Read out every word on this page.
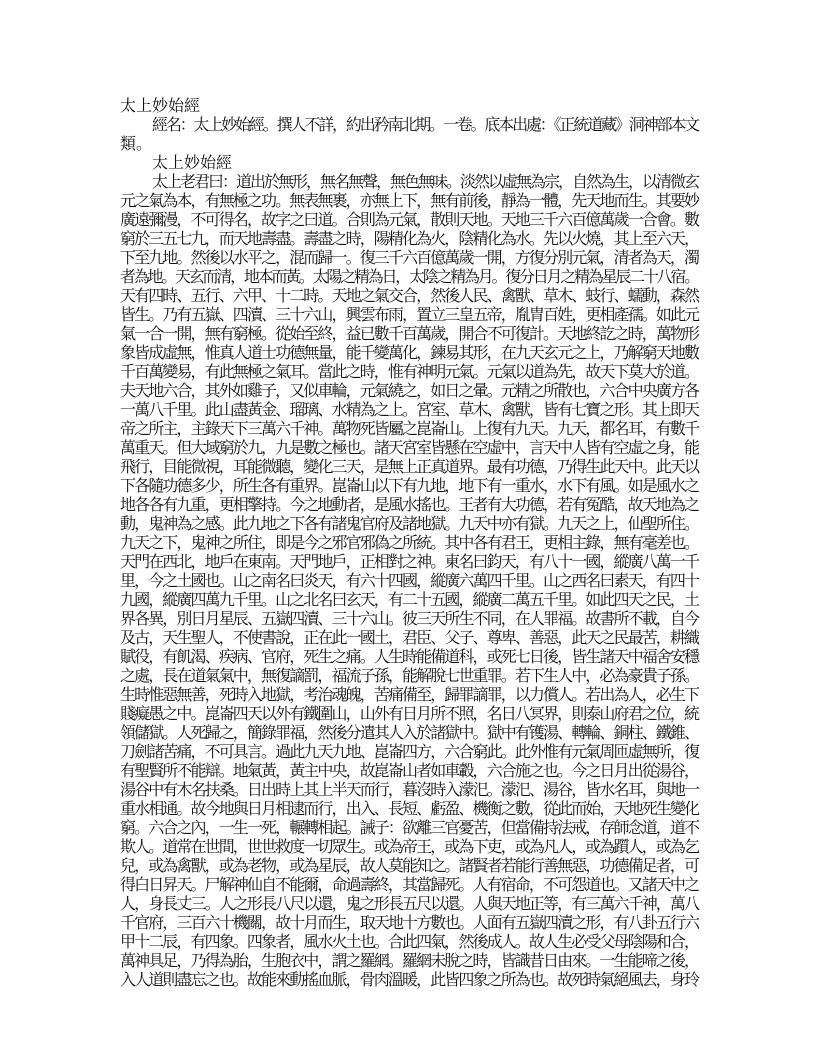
太上妙始經
經名：太上妙始經。撰人不詳，約出矜南北期。一卷。底本出處：《正統道藏》洞神部本文
類。
太上妙始經
太上老君曰：道出於無形，無名無聲，無色無味。淡然以虛無為宗，自然為生，以清微玄
元之氣為本，有無極之功。無表無裹，亦無上下，無有前後，靜為一體，先天地而生。其要妙
廣遠彌漫，不可得名，故字之曰道。合則為元氣，散則天地。天地三千六百億萬歲一合會。數
窮於三五七九，而天地壽盡。壽盡之時，陽精化為火，陰精化為水。先以火燒，其上至六天，
下至九地。然後以水平之，混而歸一。復三千六百億萬歲一開，方復分別元氣，清者為天，濁
者為地。天玄而清，地本而黃。太陽之精為日，太陰之精為月。復分日月之精為星辰二十八宿。
天有四時、五行、六甲、十二時。天地之氣交合，然後人民、禽獸、草木、蚑行、蠕動，森然
皆生。乃有五嶽、四瀆、三十六山，興雲布雨，置立三皇五帝，胤胄百姓，更相產孺。如此元
氣一合一開，無有窮極。從始至終，益已數千百萬歲，開合不可復計。天地終訖之時，萬物形
象皆成虛無，惟真人道士功德無量，能千變萬化，鍊易其形，在九天玄元之上，乃解窮天地數
千百萬變易，有此無極之氣耳。當此之時，惟有神明元氣。元氣以道為先，故天下莫大於道。
夫天地六合，其外如雞子，又似車輪，元氣繞之，如日之暈。元精之所散也，六合中央廣方各
一萬八千里。此山盡黃金、瑠璃、水精為之上。宮室、草木、禽獸，皆有七寶之形。其上即天
帝之所主，主錄天下三萬六千神。萬物死皆屬之崑崙山。上復有九天。九天，都名耳，有數千
萬重天。但大域窮於九，九是數之極也。諸天宮室皆懸在空虛中，言天中人皆有空虛之身，能
飛行，目能微視，耳能微聽，變化三天，是無上正真道界。最有功德，乃得生此天中。此天以
下各隨功德多少，所生各有重界。崑崙山以下有九地，地下有一重水，水下有風。如是風水之
地各各有九重，更相擎持。今之地動者，是風水搖也。王者有大功德，若有冤酷，故天地為之
動，鬼神為之感。此九地之下各有諸鬼官府及諸地獄。九天中亦有獄。九天之上，仙聖所住。
九天之下，鬼神之所住，即是今之邪官邪偽之所統。其中各有君王，更相主錄，無有毫差也。
天門在西北，地戶在東南。天門地戶，正相對之神。東名曰鈞天，有八十一國，縱廣八萬一千
里，今之土國也。山之南名曰炎天，有六十四國，縱廣六萬四千里。山之西名曰素天，有四十
九國，縱廣四萬九千里。山之北名曰玄天，有二十五國，縱廣二萬五千里。如此四天之民，土
界各異，別日月星辰、五嶽四瀆、三十六山。彼三天所生不同，在人罪福。故書所不載，自今
及古，天生聖人，不使書說，正在此一國土，君臣、父子、尊卑、善惡，此天之民最苦，耕織
賦役，有飢渴、疾病、官府，死生之痛。人生時能備道科，或死七日後，皆生諸天中福舍安穩
之處，長在道氣氣中，無復謫罰，福流子孫，能解脫七世重罪。若下生人中，必為豪貴子孫。
生時惟惡無善，死時入地獄，考治魂魄，苦痛備至，歸罪謫罪，以力償人。若出為人，必生下
賤癡愚之中。崑崙四天以外有鐵圍山，山外有日月所不照，名日八冥界，則泰山府君之位，統
領儲獄。人死歸之，簡錄罪福，然後分遣其人入於諸獄中。獄中有镬湯、轉輪、銅柱、鐵錐、
刀劍諸苦痛，不可具言。過此九天九地、崑崙四方，六合窮此。此外惟有元氣周匝虛無所，復
有聖賢所不能辯。地氣黃，黃主中央，故崑崙山者如車轂，六合施之也。今之日月出從湯谷，
湯谷中有木名扶桑。日出時上其上半天而行，暮沒時入濛汜。濛汜、湯谷，皆水名耳，與地一
重水相通。故今地與日月相逮而行，出入、長短、虧盈、機衡之數，從此而始，天地死生變化
窮。六合之內，一生一死，輾轉相起。誡子：欲離三官憂苦，但當備持法戒，存師念道，道不
欺人。道常在世間，世世救度一切眾生。或為帝王，或為下吏，或為凡人，或為躓人，或為乞
兒，或為禽獸，或為老物，或為星辰，故人莫能知之。諸賢者若能行善無惡，功德備足者，可
得白日昇天。尸解神仙自不能爾，命過壽終，其當歸死。人有宿命，不可怨道也。又諸天中之
人，身長丈三。人之形長八尺以還，鬼之形長五尺以還。人與天地正等，有三萬六千神，萬八
千官府，三百六十機關，故十月而生，取天地十方數也。人面有五嶽四瀆之形，有八卦五行六
甲十二辰，有四象。四象者，風水火土也。合此四氣，然後成人。故人生必受父母陰陽和合，
萬神具足，乃得為胎，生胞衣中，謂之羅網。羅網未脫之時，皆識昔日由來。一生能啼之後，
入人道則盡忘之也。故能來動搖血脈，骨肉溫暖，此皆四象之所為也。故死時氣絕風去，身玲
